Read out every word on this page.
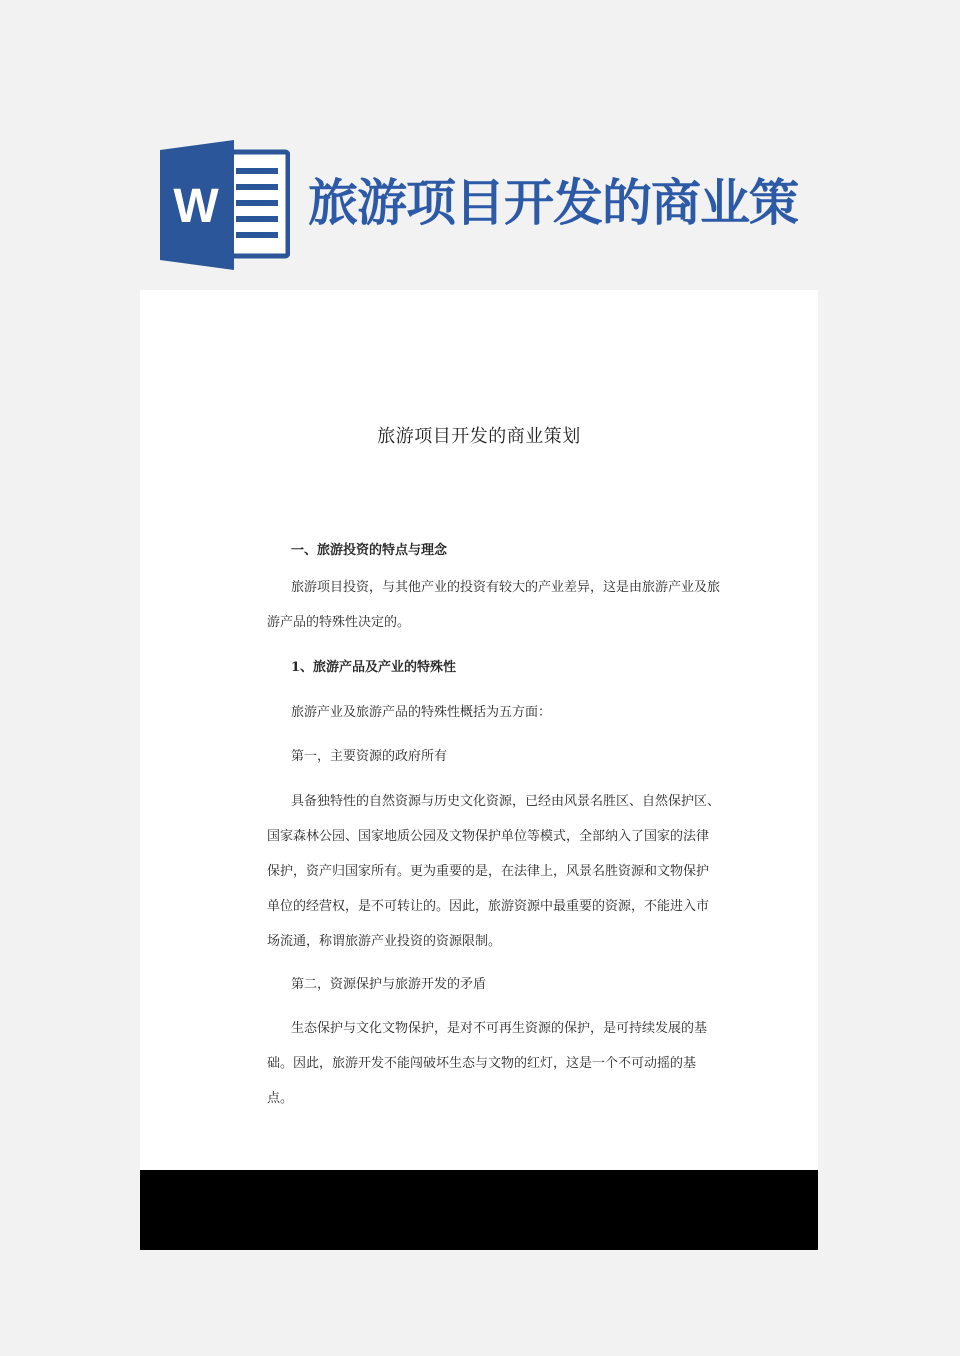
W 旅游项目开发的商业策
旅游项目开发的商业策划

一、旅游投资的特点与理念

旅游项目投资，与其他产业的投资有较大的产业差异，这是由旅游产业及旅游产品的特殊性决定的。

1、旅游产品及产业的特殊性

旅游产业及旅游产品的特殊性概括为五方面：

第一，主要资源的政府所有

具备独特性的自然资源与历史文化资源，已经由风景名胜区、自然保护区、国家森林公园、国家地质公园及文物保护单位等模式，全部纳入了国家的法律保护，资产归国家所有。更为重要的是，在法律上，风景名胜资源和文物保护单位的经营权，是不可转让的。因此，旅游资源中最重要的资源，不能进入市场流通，称谓旅游产业投资的资源限制。

第二，资源保护与旅游开发的矛盾

生态保护与文化文物保护，是对不可再生资源的保护，是可持续发展的基础。因此，旅游开发不能闯破坏生态与文物的红灯，这是一个不可动摇的基点。
